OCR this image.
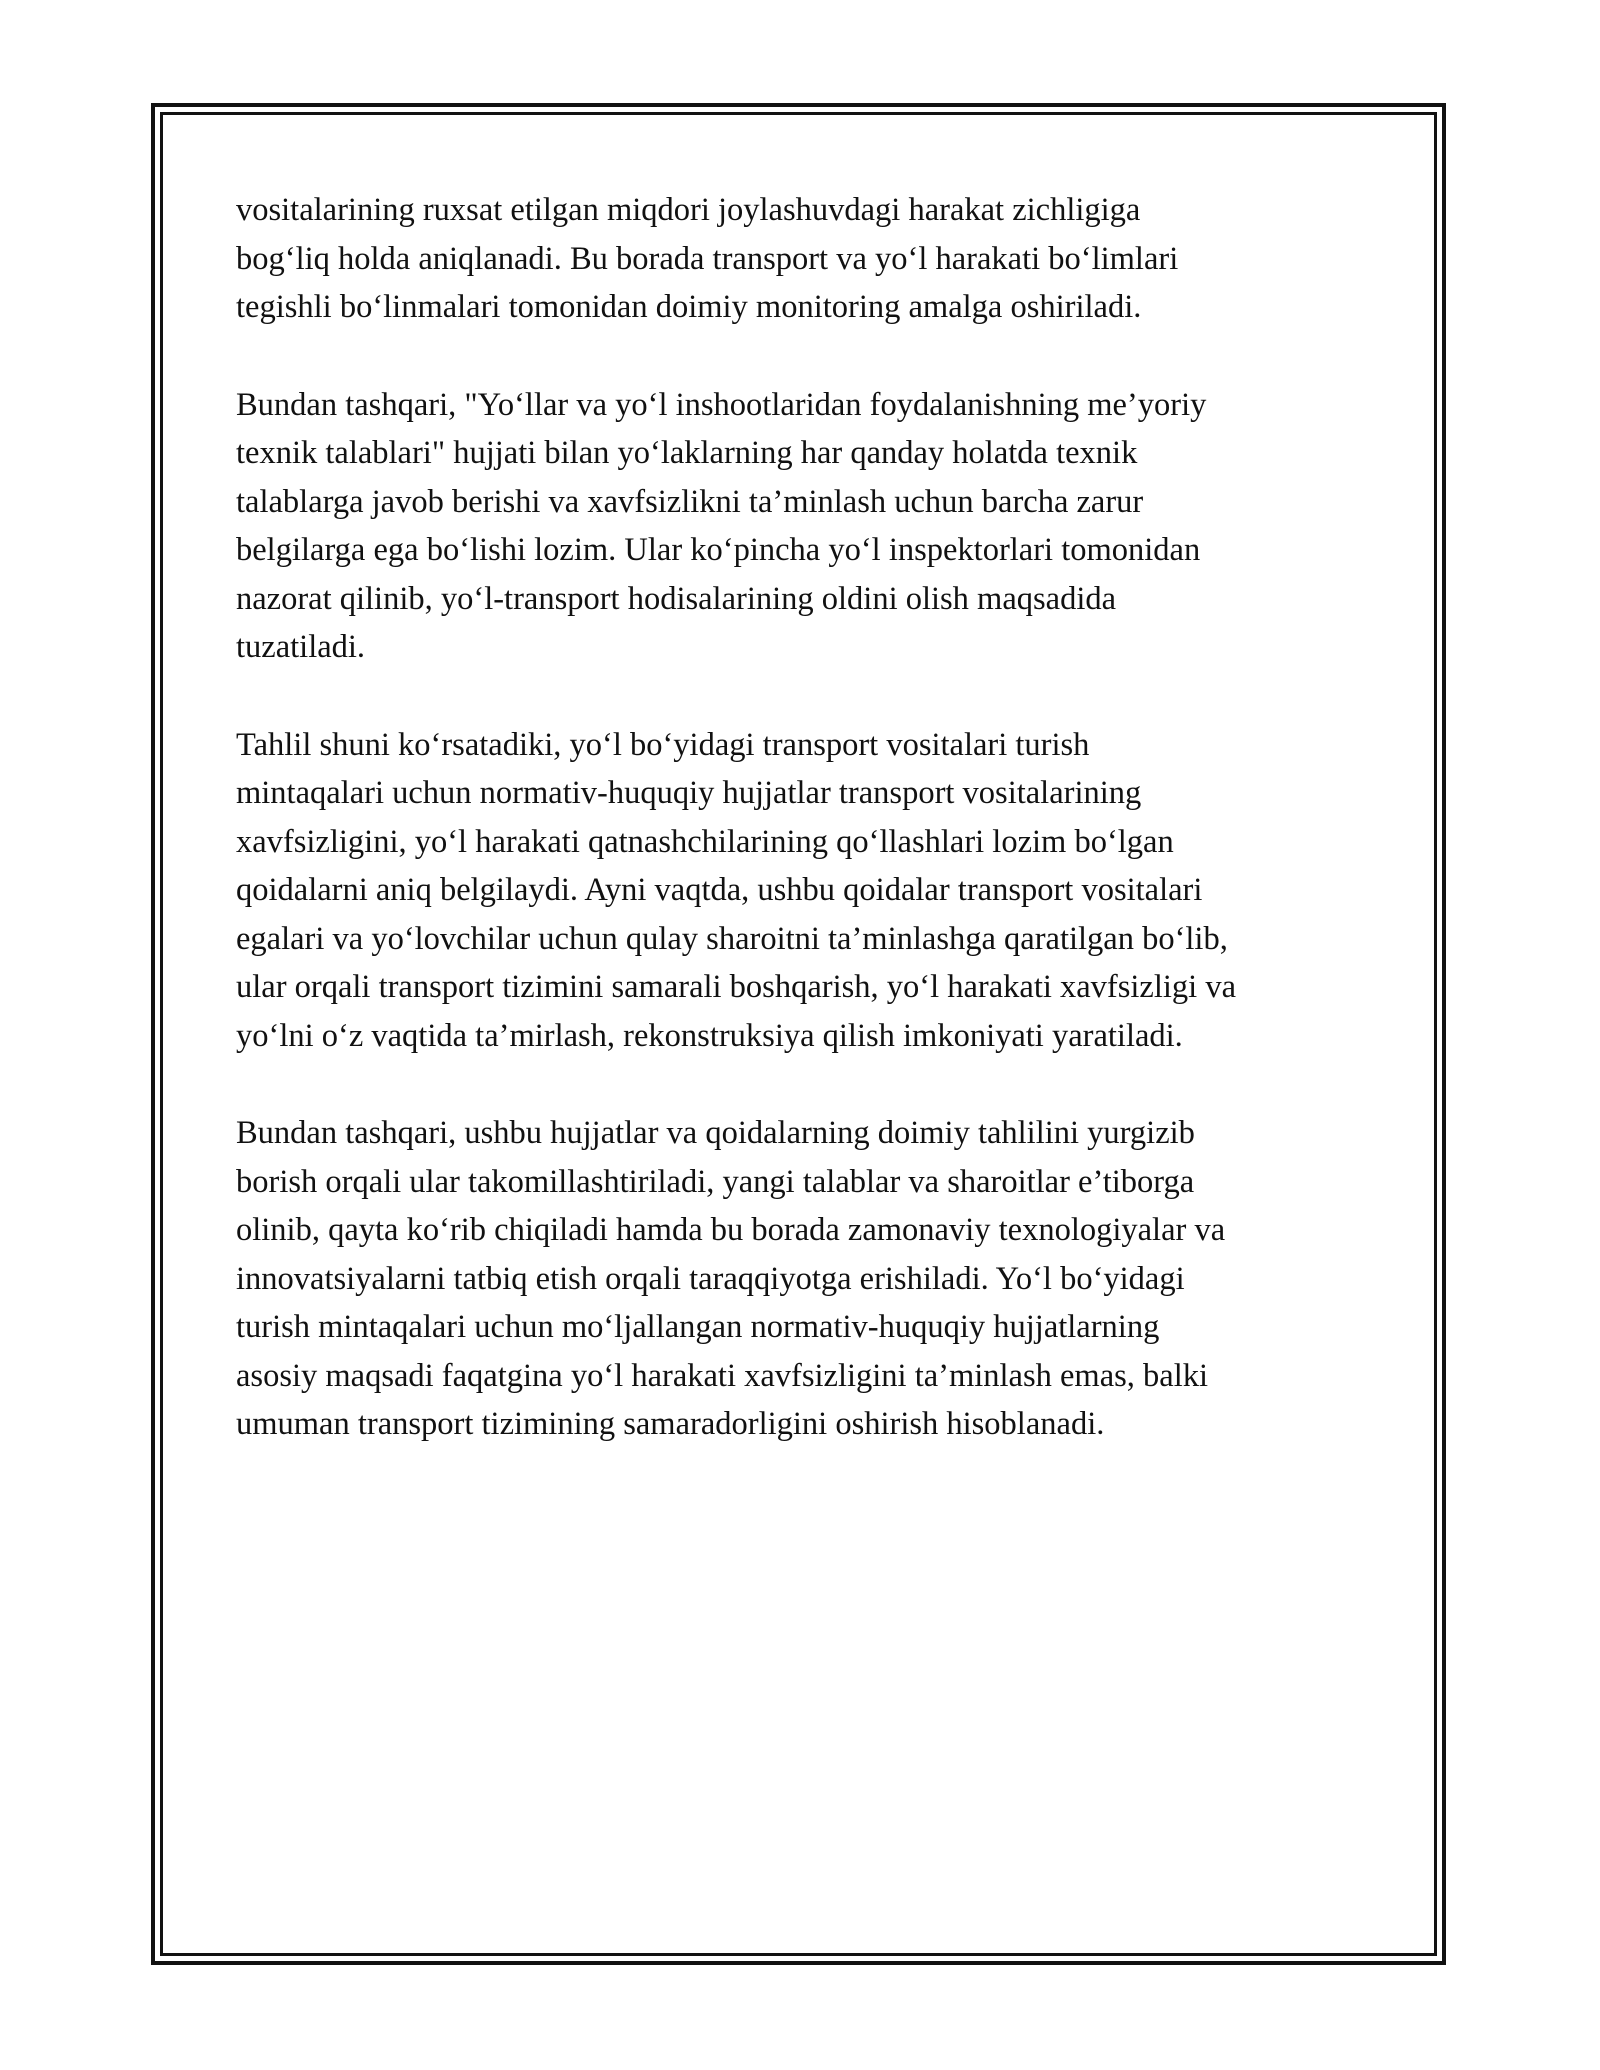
vositalarining ruxsat etilgan miqdori joylashuvdagi harakat zichligiga
bog‘liq holda aniqlanadi. Bu borada transport va yo‘l harakati bo‘limlari
tegishli bo‘linmalari tomonidan doimiy monitoring amalga oshiriladi.

Bundan tashqari, "Yo‘llar va yo‘l inshootlaridan foydalanishning me’yoriy
texnik talablari" hujjati bilan yo‘laklarning har qanday holatda texnik
talablarga javob berishi va xavfsizlikni ta’minlash uchun barcha zarur
belgilarga ega bo‘lishi lozim. Ular ko‘pincha yo‘l inspektorlari tomonidan
nazorat qilinib, yo‘l-transport hodisalarining oldini olish maqsadida
tuzatiladi.

Tahlil shuni ko‘rsatadiki, yo‘l bo‘yidagi transport vositalari turish
mintaqalari uchun normativ-huquqiy hujjatlar transport vositalarining
xavfsizligini, yo‘l harakati qatnashchilarining qo‘llashlari lozim bo‘lgan
qoidalarni aniq belgilaydi. Ayni vaqtda, ushbu qoidalar transport vositalari
egalari va yo‘lovchilar uchun qulay sharoitni ta’minlashga qaratilgan bo‘lib,
ular orqali transport tizimini samarali boshqarish, yo‘l harakati xavfsizligi va
yo‘lni o‘z vaqtida ta’mirlash, rekonstruksiya qilish imkoniyati yaratiladi.

Bundan tashqari, ushbu hujjatlar va qoidalarning doimiy tahlilini yurgizib
borish orqali ular takomillashtiriladi, yangi talablar va sharoitlar e’tiborga
olinib, qayta ko‘rib chiqiladi hamda bu borada zamonaviy texnologiyalar va
innovatsiyalarni tatbiq etish orqali taraqqiyotga erishiladi. Yo‘l bo‘yidagi
turish mintaqalari uchun mo‘ljallangan normativ-huquqiy hujjatlarning
asosiy maqsadi faqatgina yo‘l harakati xavfsizligini ta’minlash emas, balki
umuman transport tizimining samaradorligini oshirish hisoblanadi.
